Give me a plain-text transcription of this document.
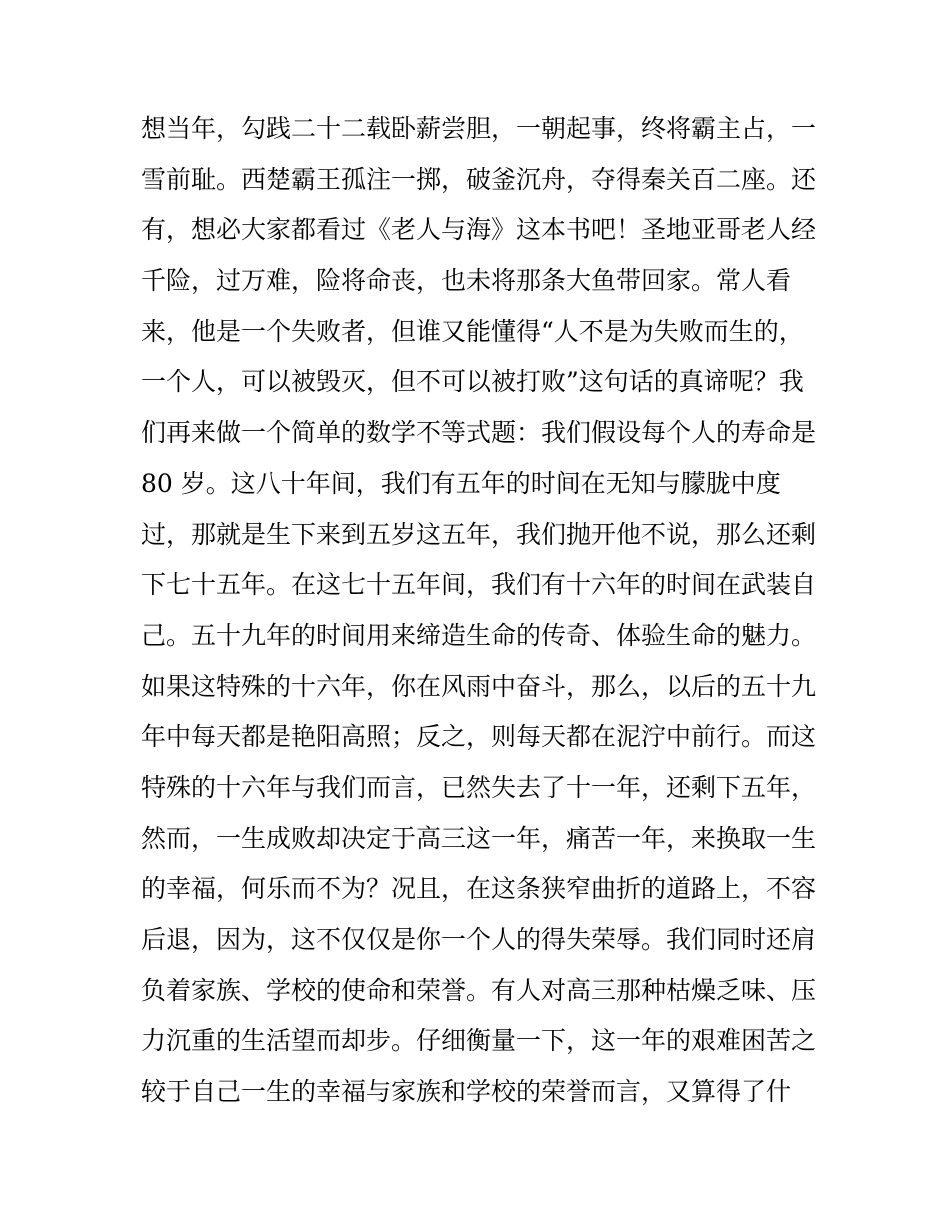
想当年，勾践二十二载卧薪尝胆，一朝起事，终将霸主占，一
雪前耻。西楚霸王孤注一掷，破釜沉舟，夺得秦关百二座。还
有，想必大家都看过《老人与海》这本书吧！圣地亚哥老人经
千险，过万难，险将命丧，也未将那条大鱼带回家。常人看
来，他是一个失败者，但谁又能懂得“人不是为失败而生的，
一个人，可以被毁灭，但不可以被打败”这句话的真谛呢？我
们再来做一个简单的数学不等式题：我们假设每个人的寿命是
80 岁。这八十年间，我们有五年的时间在无知与朦胧中度
过，那就是生下来到五岁这五年，我们抛开他不说，那么还剩
下七十五年。在这七十五年间，我们有十六年的时间在武装自
己。五十九年的时间用来缔造生命的传奇、体验生命的魅力。
如果这特殊的十六年，你在风雨中奋斗，那么，以后的五十九
年中每天都是艳阳高照；反之，则每天都在泥泞中前行。而这
特殊的十六年与我们而言，已然失去了十一年，还剩下五年，
然而，一生成败却决定于高三这一年，痛苦一年，来换取一生
的幸福，何乐而不为？况且，在这条狭窄曲折的道路上，不容
后退，因为，这不仅仅是你一个人的得失荣辱。我们同时还肩
负着家族、学校的使命和荣誉。有人对高三那种枯燥乏味、压
力沉重的生活望而却步。仔细衡量一下，这一年的艰难困苦之
较于自己一生的幸福与家族和学校的荣誉而言，又算得了什
